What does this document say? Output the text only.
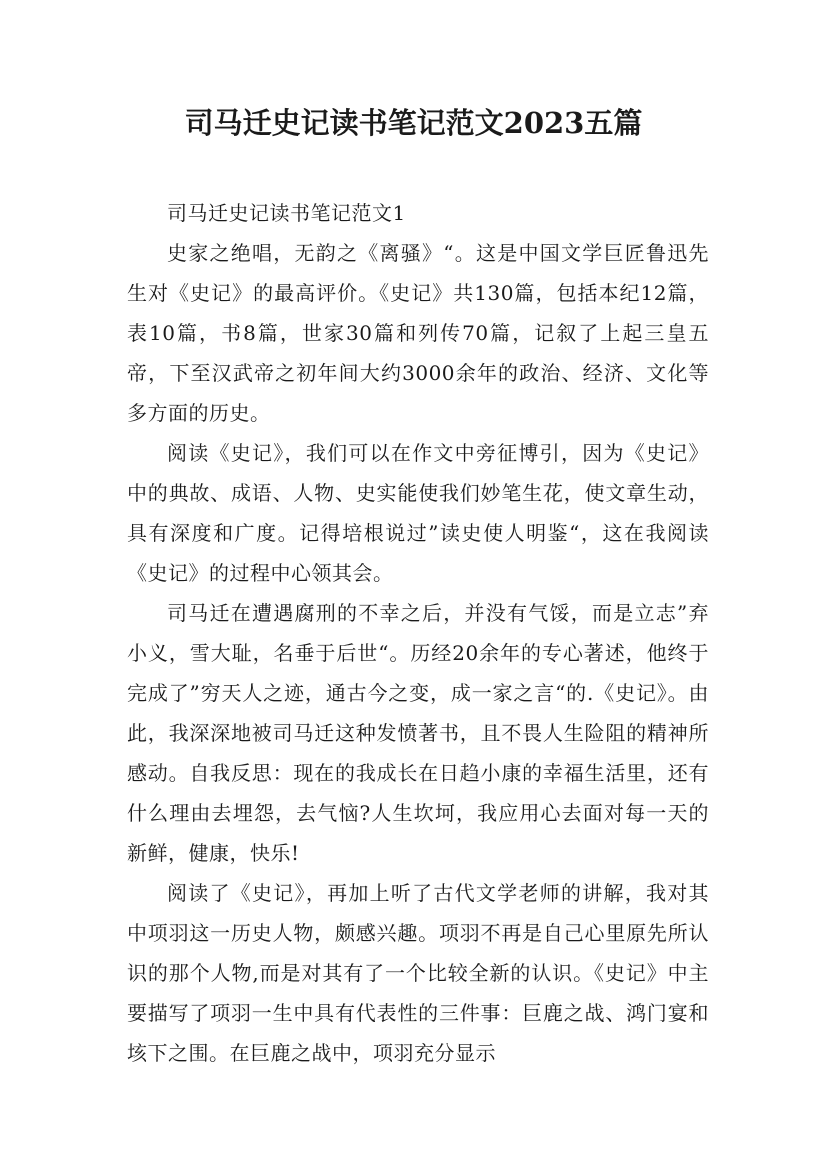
司马迁史记读书笔记范文2023五篇

司马迁史记读书笔记范文1

史家之绝唱，无韵之《离骚》“。这是中国文学巨匠鲁迅先生对《史记》的最高评价。《史记》共130篇，包括本纪12篇，表10篇，书8篇，世家30篇和列传70篇，记叙了上起三皇五帝，下至汉武帝之初年间大约3000余年的政治、经济、文化等多方面的历史。

阅读《史记》，我们可以在作文中旁征博引，因为《史记》中的典故、成语、人物、史实能使我们妙笔生花，使文章生动，具有深度和广度。记得培根说过”读史使人明鉴“，这在我阅读《史记》的过程中心领其会。

司马迁在遭遇腐刑的不幸之后，并没有气馁，而是立志”弃小义，雪大耻，名垂于后世“。历经20余年的专心著述，他终于完成了”穷天人之迹，通古今之变，成一家之言“的.《史记》。由此，我深深地被司马迁这种发愤著书，且不畏人生险阻的精神所感动。自我反思：现在的我成长在日趋小康的幸福生活里，还有什么理由去埋怨，去气恼?人生坎坷，我应用心去面对每一天的新鲜，健康，快乐!

阅读了《史记》，再加上听了古代文学老师的讲解，我对其中项羽这一历史人物，颇感兴趣。项羽不再是自己心里原先所认识的那个人物,而是对其有了一个比较全新的认识。《史记》中主要描写了项羽一生中具有代表性的三件事：巨鹿之战、鸿门宴和垓下之围。在巨鹿之战中，项羽充分显示
